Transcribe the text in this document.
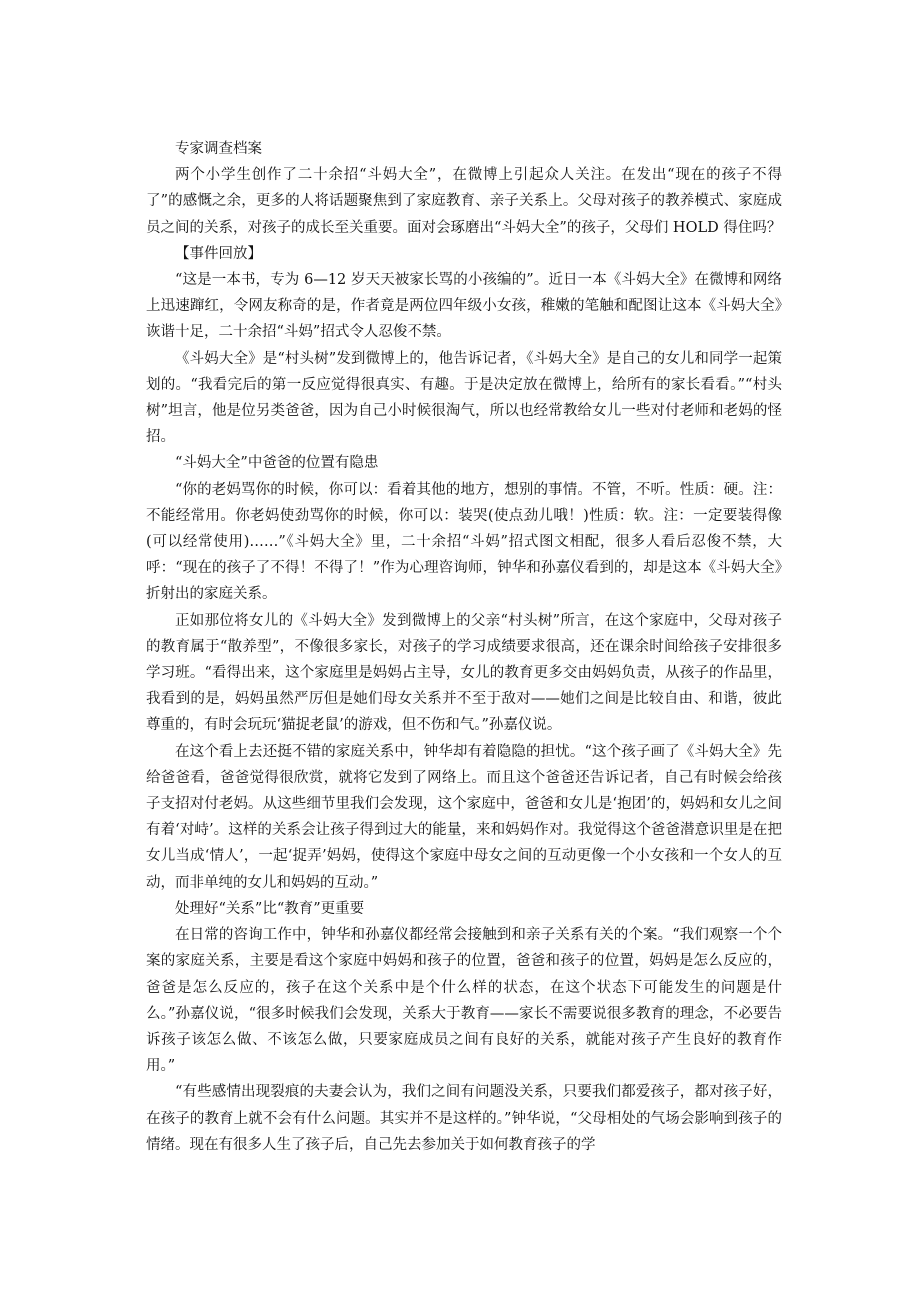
专家调查档案

两个小学生创作了二十余招“斗妈大全”，在微博上引起众人关注。在发出“现在的孩子不得了”的感慨之余，更多的人将话题聚焦到了家庭教育、亲子关系上。父母对孩子的教养模式、家庭成员之间的关系，对孩子的成长至关重要。面对会琢磨出“斗妈大全”的孩子，父母们 HOLD 得住吗？

【事件回放】

“这是一本书，专为 6—12 岁天天被家长骂的小孩编的”。近日一本《斗妈大全》在微博和网络上迅速蹿红，令网友称奇的是，作者竟是两位四年级小女孩，稚嫩的笔触和配图让这本《斗妈大全》诙谐十足，二十余招“斗妈”招式令人忍俊不禁。

《斗妈大全》是“村头树”发到微博上的，他告诉记者，《斗妈大全》是自己的女儿和同学一起策划的。“我看完后的第一反应觉得很真实、有趣。于是决定放在微博上，给所有的家长看看。”“村头树”坦言，他是位另类爸爸，因为自己小时候很淘气，所以也经常教给女儿一些对付老师和老妈的怪招。

“斗妈大全”中爸爸的位置有隐患

“你的老妈骂你的时候，你可以：看着其他的地方，想别的事情。不管，不听。性质：硬。注：不能经常用。你老妈使劲骂你的时候，你可以：装哭(使点劲儿哦！)性质：软。注：一定要装得像(可以经常使用)……”《斗妈大全》里，二十余招“斗妈”招式图文相配，很多人看后忍俊不禁，大呼：“现在的孩子了不得！不得了！”作为心理咨询师，钟华和孙嘉仪看到的，却是这本《斗妈大全》折射出的家庭关系。

正如那位将女儿的《斗妈大全》发到微博上的父亲“村头树”所言，在这个家庭中，父母对孩子的教育属于“散养型”，不像很多家长，对孩子的学习成绩要求很高，还在课余时间给孩子安排很多学习班。“看得出来，这个家庭里是妈妈占主导，女儿的教育更多交由妈妈负责，从孩子的作品里，我看到的是，妈妈虽然严厉但是她们母女关系并不至于敌对——她们之间是比较自由、和谐，彼此尊重的，有时会玩玩‘猫捉老鼠’的游戏，但不伤和气。”孙嘉仪说。

在这个看上去还挺不错的家庭关系中，钟华却有着隐隐的担忧。“这个孩子画了《斗妈大全》先给爸爸看，爸爸觉得很欣赏，就将它发到了网络上。而且这个爸爸还告诉记者，自己有时候会给孩子支招对付老妈。从这些细节里我们会发现，这个家庭中，爸爸和女儿是‘抱团’的，妈妈和女儿之间有着‘对峙’。这样的关系会让孩子得到过大的能量，来和妈妈作对。我觉得这个爸爸潜意识里是在把女儿当成‘情人’，一起‘捉弄’妈妈，使得这个家庭中母女之间的互动更像一个小女孩和一个女人的互动，而非单纯的女儿和妈妈的互动。”

处理好“关系”比“教育”更重要

在日常的咨询工作中，钟华和孙嘉仪都经常会接触到和亲子关系有关的个案。“我们观察一个个案的家庭关系，主要是看这个家庭中妈妈和孩子的位置，爸爸和孩子的位置，妈妈是怎么反应的，爸爸是怎么反应的，孩子在这个关系中是个什么样的状态，在这个状态下可能发生的问题是什么。”孙嘉仪说，“很多时候我们会发现，关系大于教育——家长不需要说很多教育的理念，不必要告诉孩子该怎么做、不该怎么做，只要家庭成员之间有良好的关系，就能对孩子产生良好的教育作用。”

“有些感情出现裂痕的夫妻会认为，我们之间有问题没关系，只要我们都爱孩子，都对孩子好，在孩子的教育上就不会有什么问题。其实并不是这样的。”钟华说，“父母相处的气场会影响到孩子的情绪。现在有很多人生了孩子后，自己先去参加关于如何教育孩子的学
